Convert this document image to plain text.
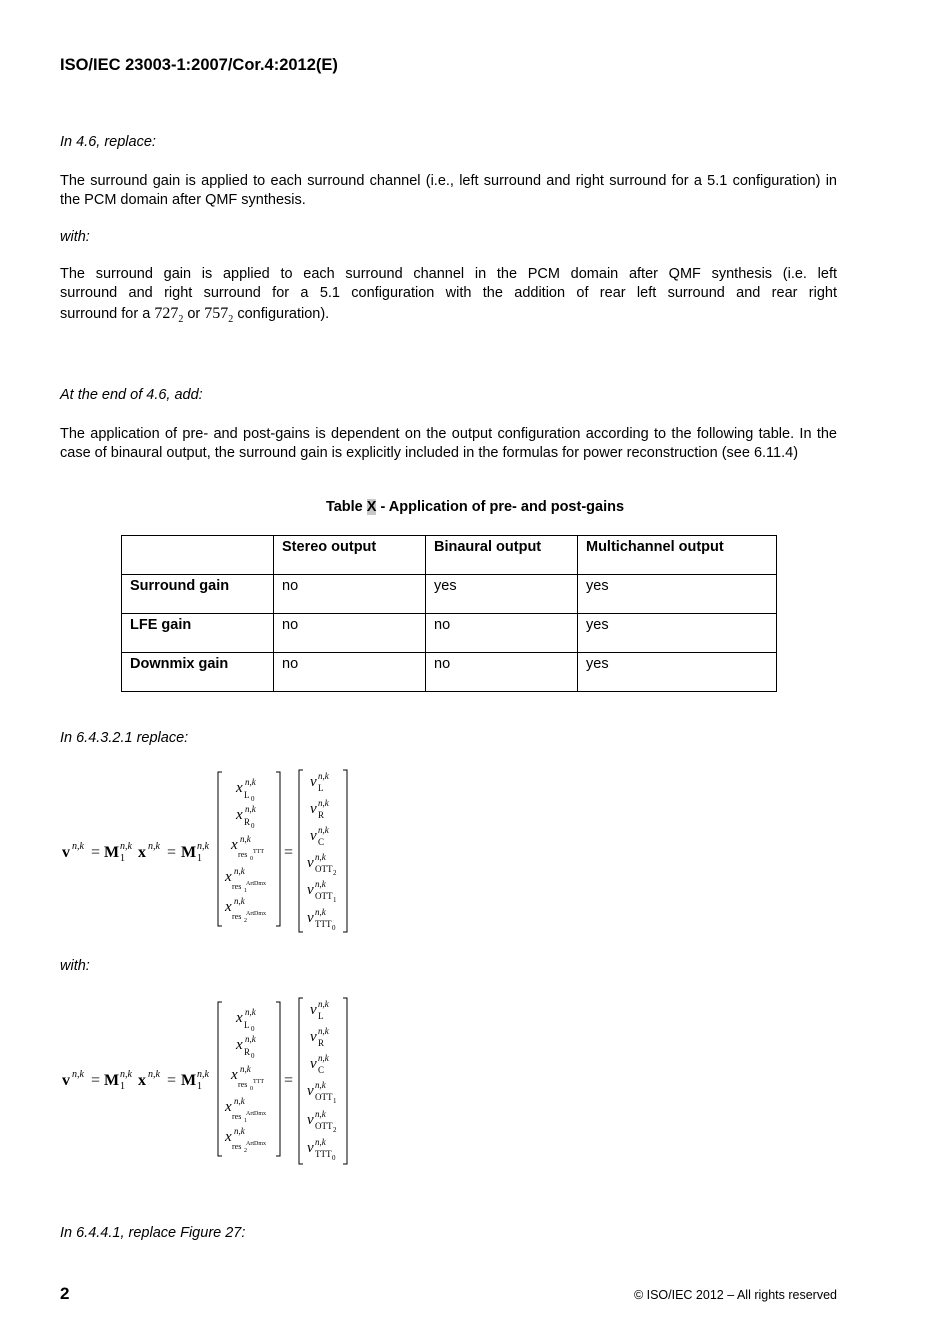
ISO/IEC 23003-1:2007/Cor.4:2012(E)
In 4.6, replace:
The surround gain is applied to each surround channel (i.e., left surround and right surround for a 5.1 configuration) in the PCM domain after QMF synthesis.
with:
The surround gain is applied to each surround channel in the PCM domain after QMF synthesis (i.e. left
surround and right surround for a 5.1 configuration with the addition of rear left surround and rear right
surround for a $727_2$ or $757_2$ configuration).
At the end of 4.6, add:
The application of pre- and post-gains is dependent on the output configuration according to the following table. In the case of binaural output, the surround gain is explicitly included in the formulas for power reconstruction (see 6.11.4)
Table X - Application of pre- and post-gains
	Stereo output	Binaural output	Multichannel output
Surround gain	no	yes	yes
LFE gain	no	no	yes
Downmix gain	no	no	yes
In 6.4.3.2.1 replace:
v n,k = M n,k
1 x n,k = M n,k
1
x n,k
L 0
x n,k
R 0
x n,k
res 0
TTT
x n,k
res 1
ArtDmx
x n,k
res 2
ArtDmx
=
v n,k
L
v n,k
R
v n,k
C
v n,k
OTT 2
v n,k
OTT 1
v n,k
TTT 0
with:
v n,k = M n,k
1 x n,k = M n,k
1
x n,k
L 0
x n,k
R 0
x n,k
res 0
TTT
x n,k
res 1
ArtDmx
x n,k
res 2
ArtDmx
=
v n,k
L
v n,k
R
v n,k
C
v n,k
OTT 1
v n,k
OTT 2
v n,k
TTT 0
In 6.4.4.1, replace Figure 27:
2	© ISO/IEC 2012 – All rights reserved
